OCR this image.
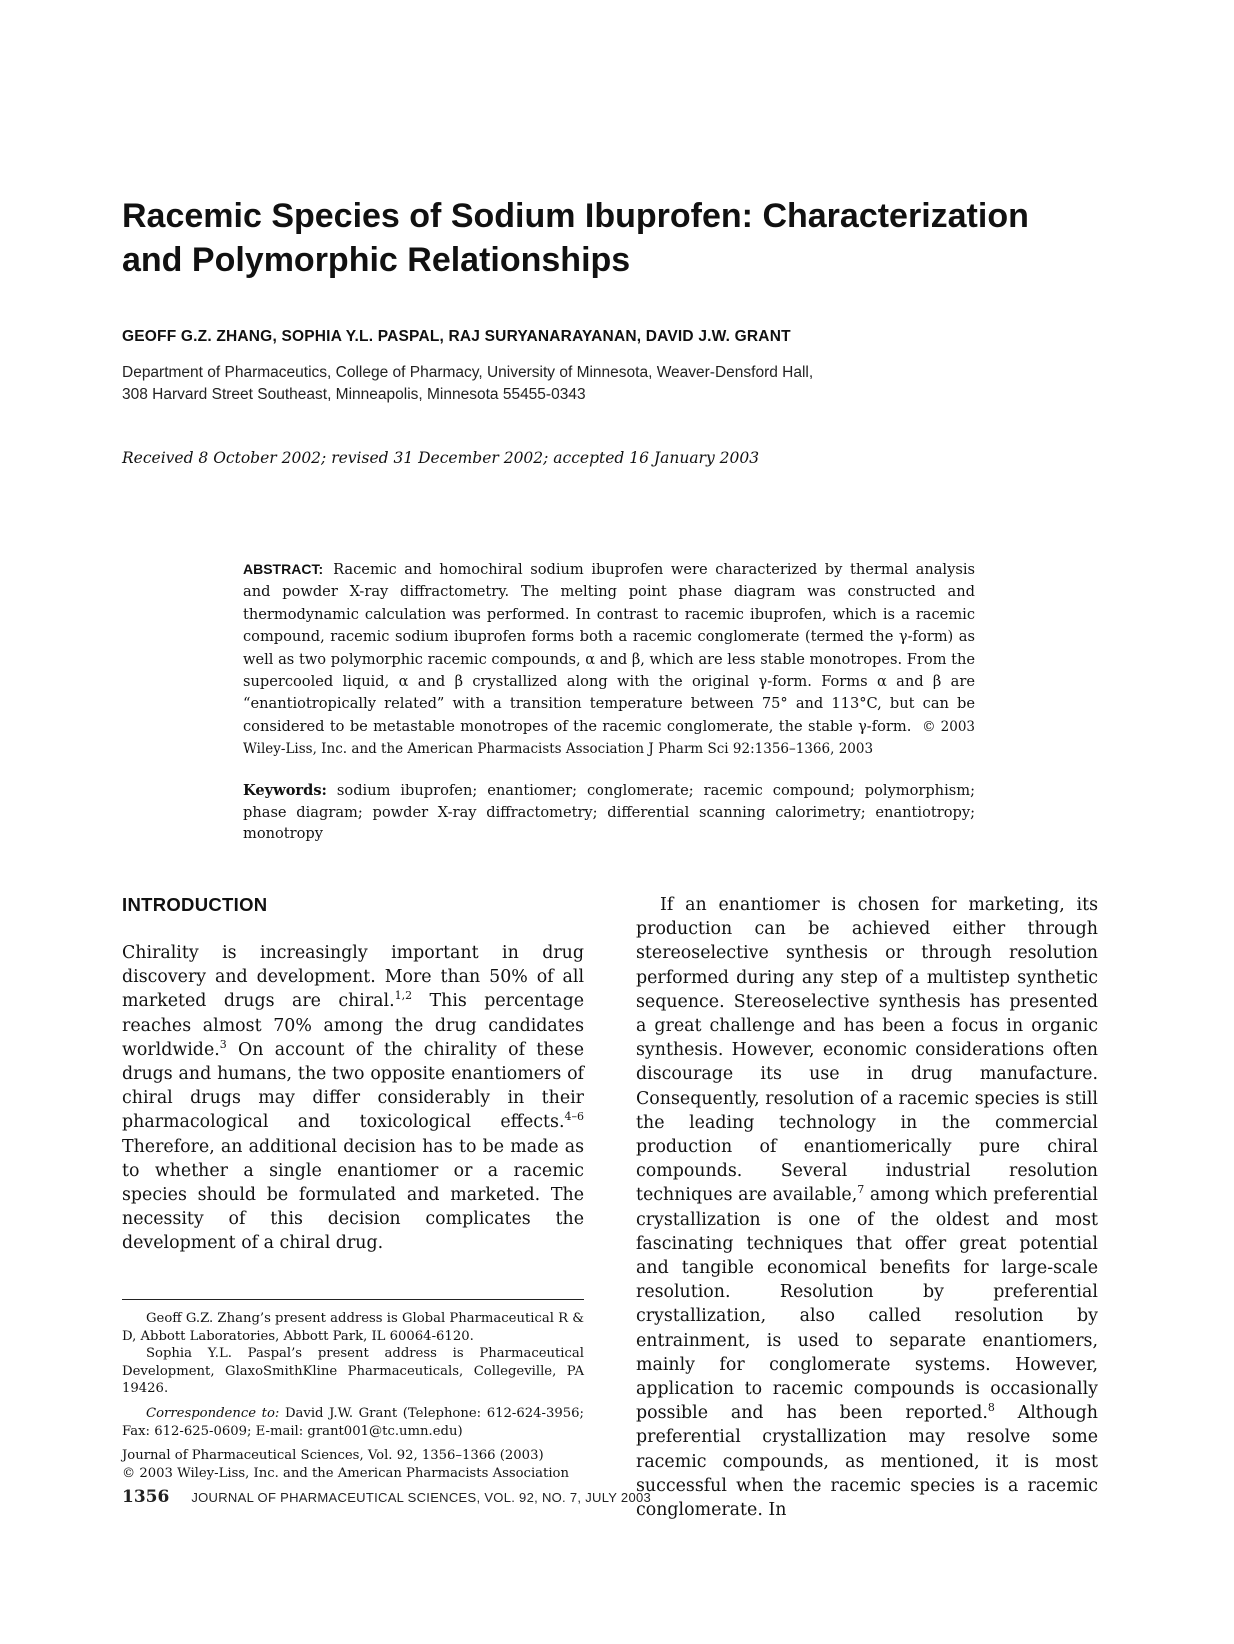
Racemic Species of Sodium Ibuprofen: Characterization
and Polymorphic Relationships
GEOFF G.Z. ZHANG, SOPHIA Y.L. PASPAL, RAJ SURYANARAYANAN, DAVID J.W. GRANT
Department of Pharmaceutics, College of Pharmacy, University of Minnesota, Weaver-Densford Hall,
308 Harvard Street Southeast, Minneapolis, Minnesota 55455-0343
Received 8 October 2002; revised 31 December 2002; accepted 16 January 2003
ABSTRACT: Racemic and homochiral sodium ibuprofen were characterized by thermal analysis and powder X-ray diffractometry. The melting point phase diagram was constructed and thermodynamic calculation was performed. In contrast to racemic ibuprofen, which is a racemic compound, racemic sodium ibuprofen forms both a racemic conglomerate (termed the γ-form) as well as two polymorphic racemic compounds, α and β, which are less stable monotropes. From the supercooled liquid, α and β crystallized along with the original γ-form. Forms α and β are “enantiotropically related” with a transition temperature between 75° and 113°C, but can be considered to be metastable monotropes of the racemic conglomerate, the stable γ-form. © 2003 Wiley-Liss, Inc. and the American Pharmacists Association J Pharm Sci 92:1356–1366, 2003
Keywords: sodium ibuprofen; enantiomer; conglomerate; racemic compound; polymorphism; phase diagram; powder X-ray diffractometry; differential scanning calorimetry; enantiotropy; monotropy
INTRODUCTION

Chirality is increasingly important in drug discovery and development. More than 50% of all marketed drugs are chiral.$^{1,2}$ This percentage reaches almost 70% among the drug candidates worldwide.$^3$ On account of the chirality of these drugs and humans, the two opposite enantiomers of chiral drugs may differ considerably in their pharmacological and toxicological effects.$^{4-6}$ Therefore, an additional decision has to be made as to whether a single enantiomer or a racemic species should be formulated and marketed. The necessity of this decision complicates the development of a chiral drug.

If an enantiomer is chosen for marketing, its production can be achieved either through stereoselective synthesis or through resolution performed during any step of a multistep synthetic sequence. Stereoselective synthesis has presented a great challenge and has been a focus in organic synthesis. However, economic considerations often discourage its use in drug manufacture. Consequently, resolution of a racemic species is still the leading technology in the commercial production of enantiomerically pure chiral compounds. Several industrial resolution techniques are available,$^7$ among which preferential crystallization is one of the oldest and most fascinating techniques that offer great potential and tangible economical benefits for large-scale resolution. Resolution by preferential crystallization, also called resolution by entrainment, is used to separate enantiomers, mainly for conglomerate systems. However, application to racemic compounds is occasionally possible and has been reported.$^8$ Although preferential crystallization may resolve some racemic compounds, as mentioned, it is most successful when the racemic species is a racemic conglomerate. In

Geoff G.Z. Zhang’s present address is Global Pharmaceutical R & D, Abbott Laboratories, Abbott Park, IL 60064-6120.

Sophia Y.L. Paspal’s present address is Pharmaceutical Development, GlaxoSmithKline Pharmaceuticals, Collegeville, PA 19426.

Correspondence to: David J.W. Grant (Telephone: 612-624-3956; Fax: 612-625-0609; E-mail: grant001@tc.umn.edu)

Journal of Pharmaceutical Sciences, Vol. 92, 1356–1366 (2003)

© 2003 Wiley-Liss, Inc. and the American Pharmacists Association

1356 JOURNAL OF PHARMACEUTICAL SCIENCES, VOL. 92, NO. 7, JULY 2003
